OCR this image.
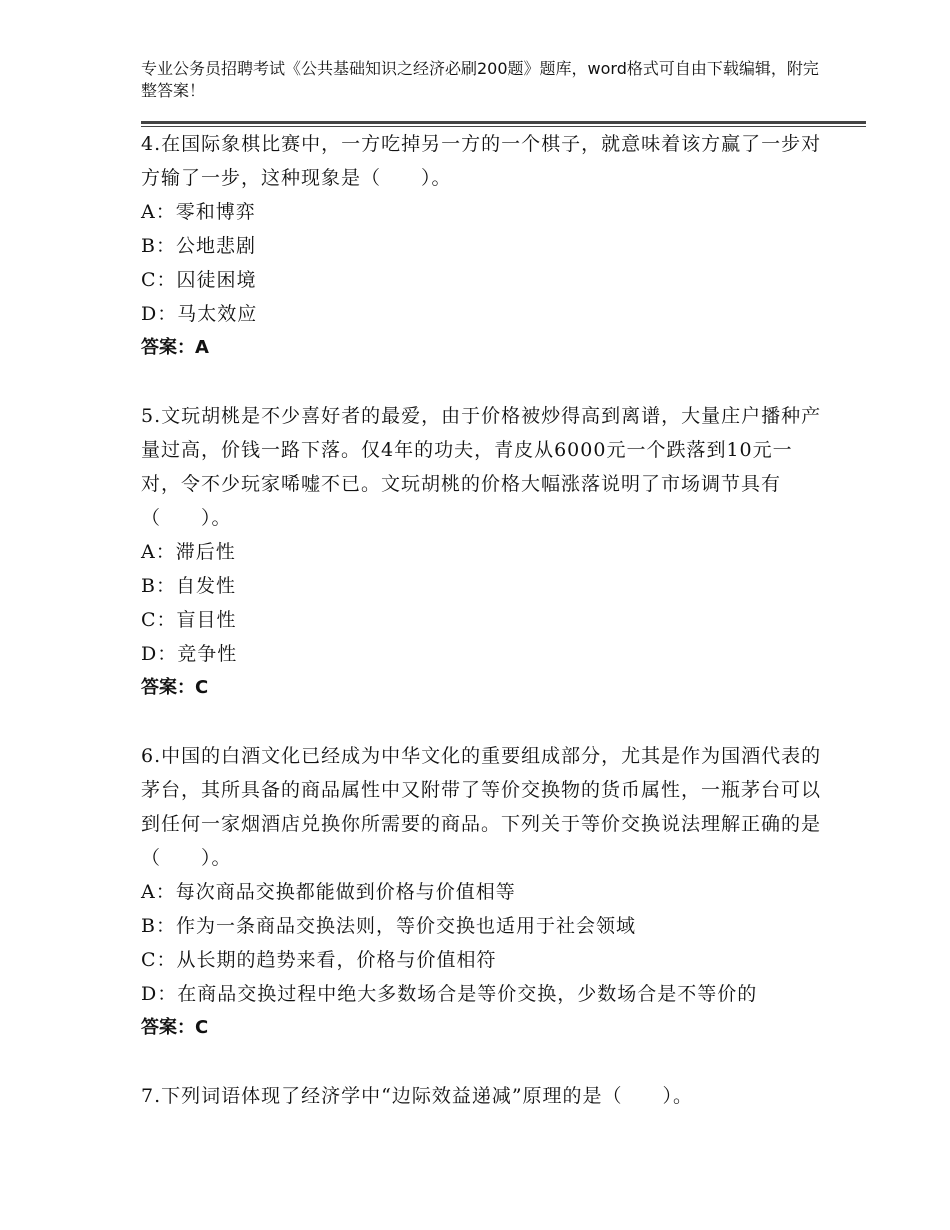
专业公务员招聘考试《公共基础知识之经济必刷200题》题库，word格式可自由下载编辑，附完整答案！
4.在国际象棋比赛中，一方吃掉另一方的一个棋子，就意味着该方赢了一步对方输了一步，这种现象是（　　）。
A：零和博弈
B：公地悲剧
C：囚徒困境
D：马太效应
答案：A
5.文玩胡桃是不少喜好者的最爱，由于价格被炒得高到离谱，大量庄户播种产量过高，价钱一路下落。仅4年的功夫，青皮从6000元一个跌落到10元一对，令不少玩家唏嘘不已。文玩胡桃的价格大幅涨落说明了市场调节具有（　　）。
A：滞后性
B：自发性
C：盲目性
D：竞争性
答案：C
6.中国的白酒文化已经成为中华文化的重要组成部分，尤其是作为国酒代表的茅台，其所具备的商品属性中又附带了等价交换物的货币属性，一瓶茅台可以到任何一家烟酒店兑换你所需要的商品。下列关于等价交换说法理解正确的是（　　）。
A：每次商品交换都能做到价格与价值相等
B：作为一条商品交换法则，等价交换也适用于社会领域
C：从长期的趋势来看，价格与价值相符
D：在商品交换过程中绝大多数场合是等价交换，少数场合是不等价的
答案：C
7.下列词语体现了经济学中“边际效益递减”原理的是（　　）。
